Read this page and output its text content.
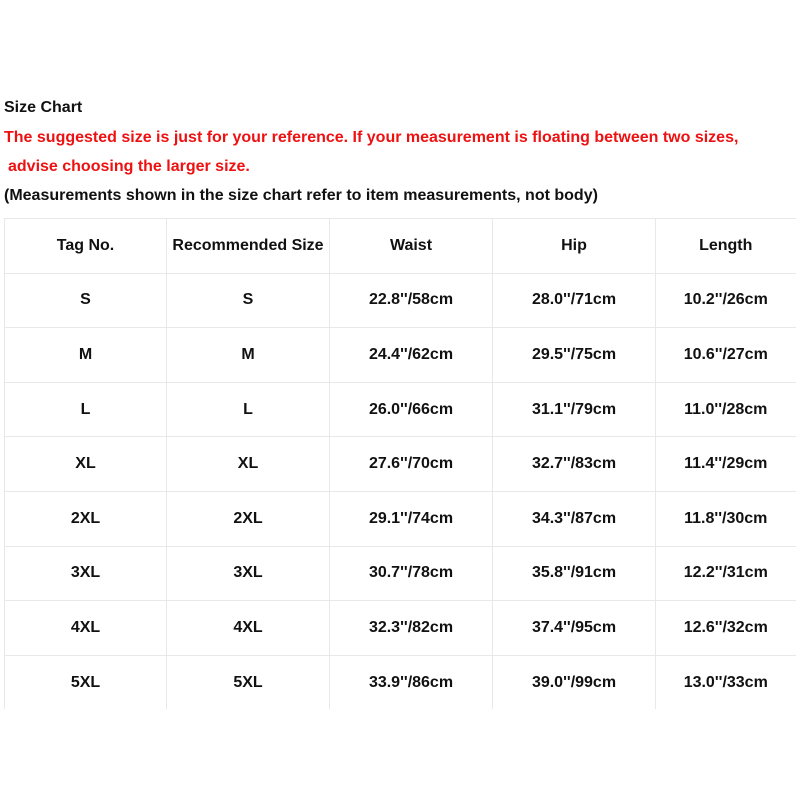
Size Chart
The suggested size is just for your reference. If your measurement is floating between two sizes,
advise choosing the larger size.
(Measurements shown in the size chart refer to item measurements, not body)
Tag No.	Recommended Size	Waist	Hip	Length
S	S	22.8''/58cm	28.0''/71cm	10.2''/26cm
M	M	24.4''/62cm	29.5''/75cm	10.6''/27cm
L	L	26.0''/66cm	31.1''/79cm	11.0''/28cm
XL	XL	27.6''/70cm	32.7''/83cm	11.4''/29cm
2XL	2XL	29.1''/74cm	34.3''/87cm	11.8''/30cm
3XL	3XL	30.7''/78cm	35.8''/91cm	12.2''/31cm
4XL	4XL	32.3''/82cm	37.4''/95cm	12.6''/32cm
5XL	5XL	33.9''/86cm	39.0''/99cm	13.0''/33cm
